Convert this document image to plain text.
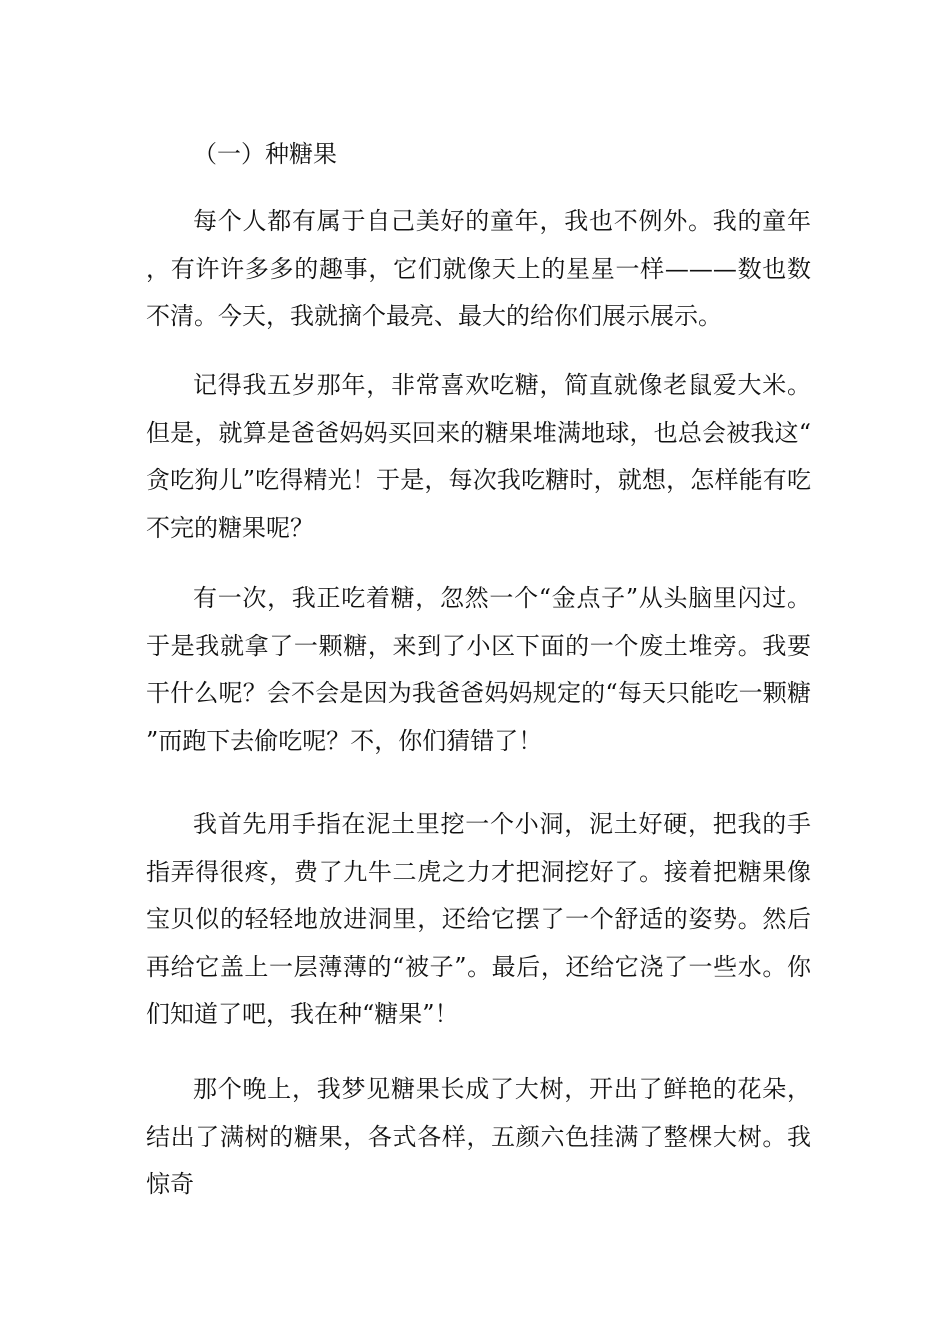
（一）种糖果

每个人都有属于自己美好的童年，我也不例外。我的童年，有许许多多的趣事，它们就像天上的星星一样———数也数不清。今天，我就摘个最亮、最大的给你们展示展示。

记得我五岁那年，非常喜欢吃糖，简直就像老鼠爱大米。但是，就算是爸爸妈妈买回来的糖果堆满地球，也总会被我这“贪吃狗儿”吃得精光！于是，每次我吃糖时，就想，怎样能有吃不完的糖果呢？

有一次，我正吃着糖，忽然一个“金点子”从头脑里闪过。于是我就拿了一颗糖，来到了小区下面的一个废土堆旁。我要干什么呢？会不会是因为我爸爸妈妈规定的“每天只能吃一颗糖”而跑下去偷吃呢？不，你们猜错了！

我首先用手指在泥土里挖一个小洞，泥土好硬，把我的手指弄得很疼，费了九牛二虎之力才把洞挖好了。接着把糖果像宝贝似的轻轻地放进洞里，还给它摆了一个舒适的姿势。然后再给它盖上一层薄薄的“被子”。最后，还给它浇了一些水。你们知道了吧，我在种“糖果”！

那个晚上，我梦见糖果长成了大树，开出了鲜艳的花朵，结出了满树的糖果，各式各样，五颜六色挂满了整棵大树。我惊奇
